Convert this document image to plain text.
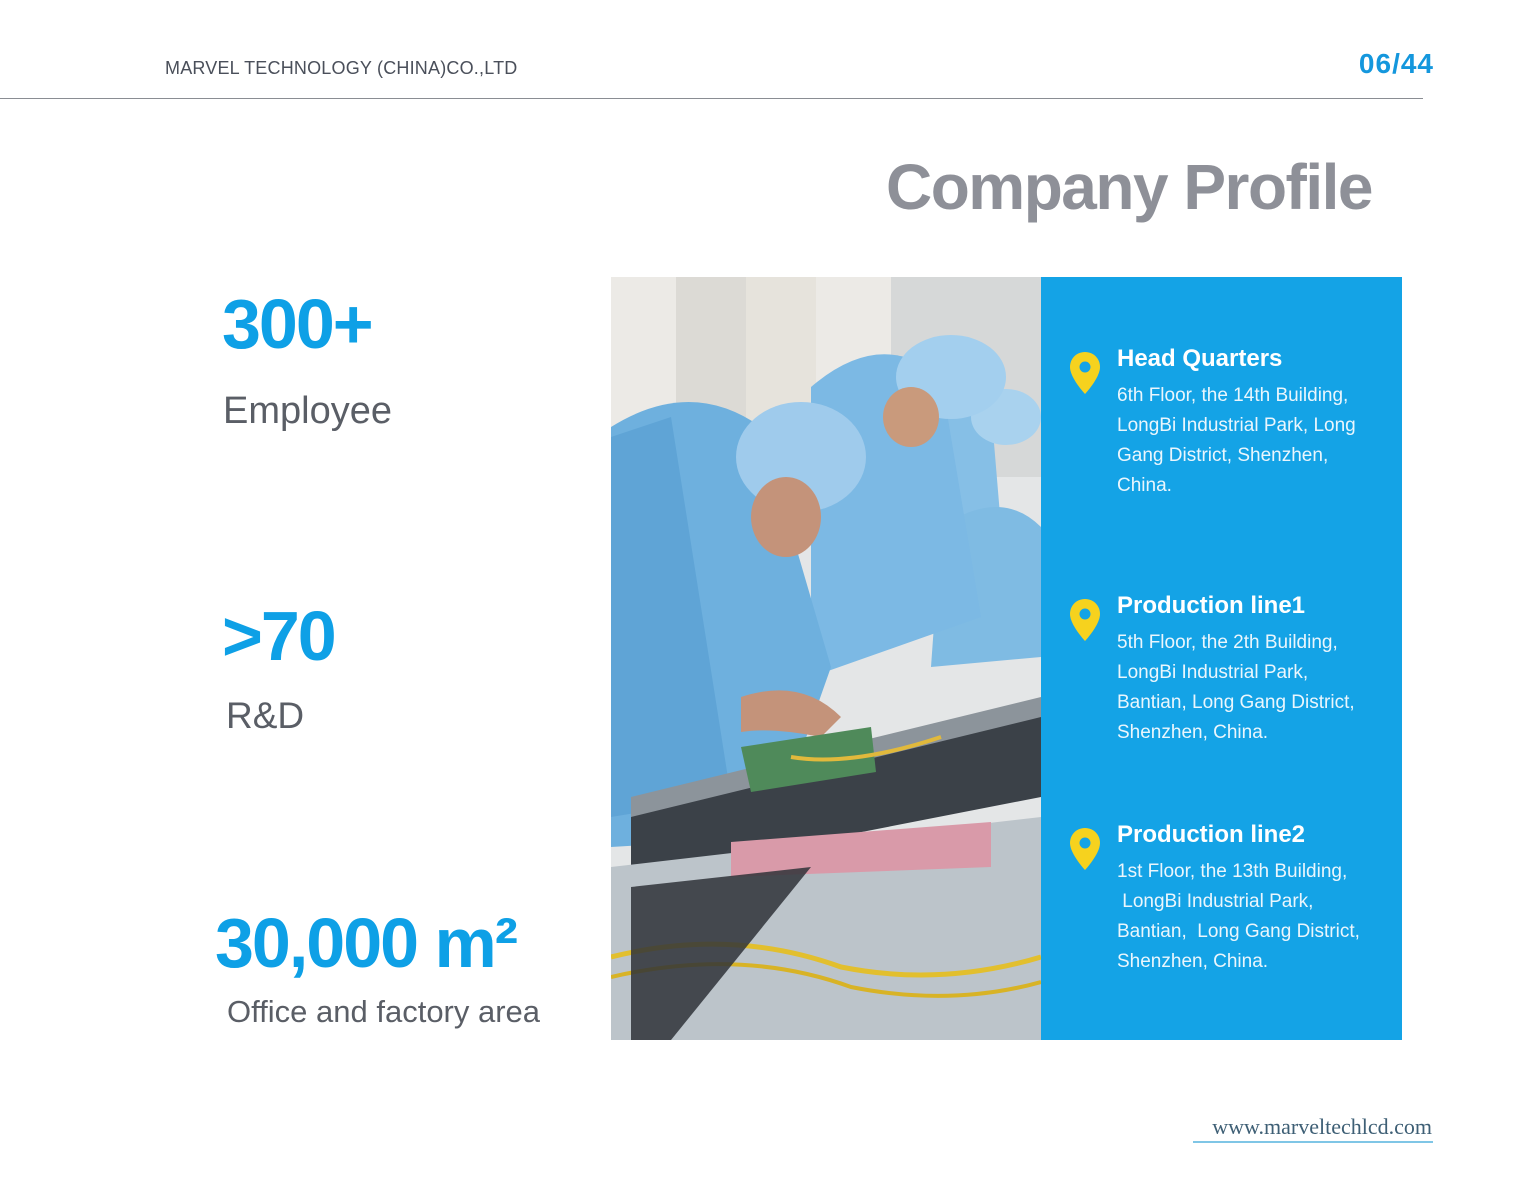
MARVEL TECHNOLOGY (CHINA)CO.,LTD	06/44
Company Profile
300+
Employee
>70
R&D
30,000 m²
Office and factory area
Head Quarters
6th Floor, the 14th Building,
LongBi Industrial Park, Long
Gang District, Shenzhen,
China.
Production line1
5th Floor, the 2th Building,
LongBi Industrial Park,
Bantian, Long Gang District,
Shenzhen, China.
Production line2
1st Floor, the 13th Building,
LongBi Industrial Park,
Bantian,  Long Gang District,
Shenzhen, China.
www.marveltechlcd.com
